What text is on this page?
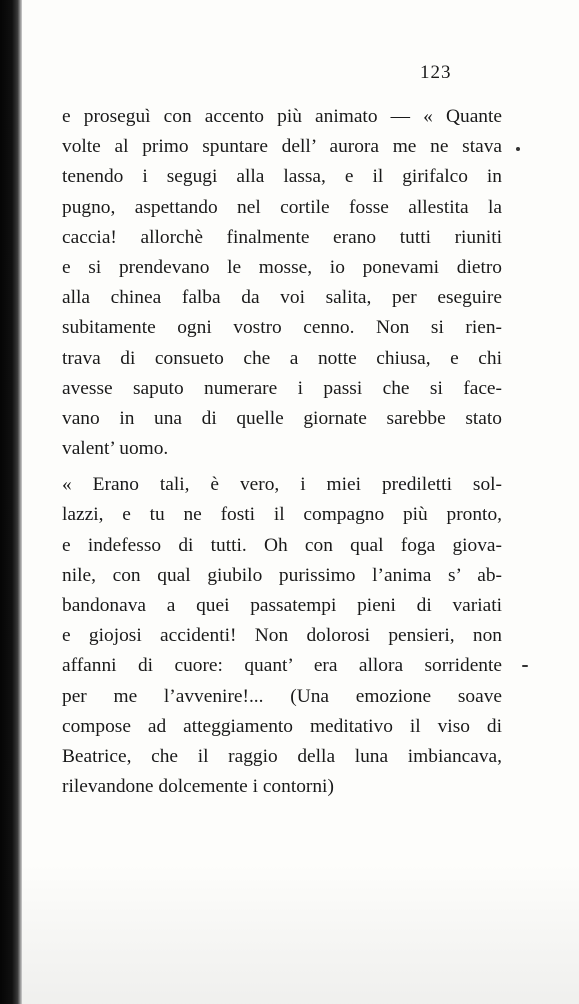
123
e proseguì con accento più animato — « Quante
volte al primo spuntare dell’ aurora me ne stava
tenendo i segugi alla lassa, e il girifalco in
pugno, aspettando nel cortile fosse allestita la
caccia! allorchè finalmente erano tutti riuniti
e si prendevano le mosse, io ponevami dietro
alla chinea falba da voi salita, per eseguire
subitamente ogni vostro cenno. Non si rien-
trava di consueto che a notte chiusa, e chi
avesse saputo numerare i passi che si face-
vano in una di quelle giornate sarebbe stato
valent’ uomo.
« Erano tali, è vero, i miei prediletti sol-
lazzi, e tu ne fosti il compagno più pronto,
e indefesso di tutti. Oh con qual foga giova-
nile, con qual giubilo purissimo l’anima s’ ab-
bandonava a quei passatempi pieni di variati
e giojosi accidenti! Non dolorosi pensieri, non
affanni di cuore: quant’ era allora sorridente
per me l’avvenire!... (Una emozione soave
compose ad atteggiamento meditativo il viso di
Beatrice, che il raggio della luna imbiancava,
rilevandone dolcemente i contorni)
